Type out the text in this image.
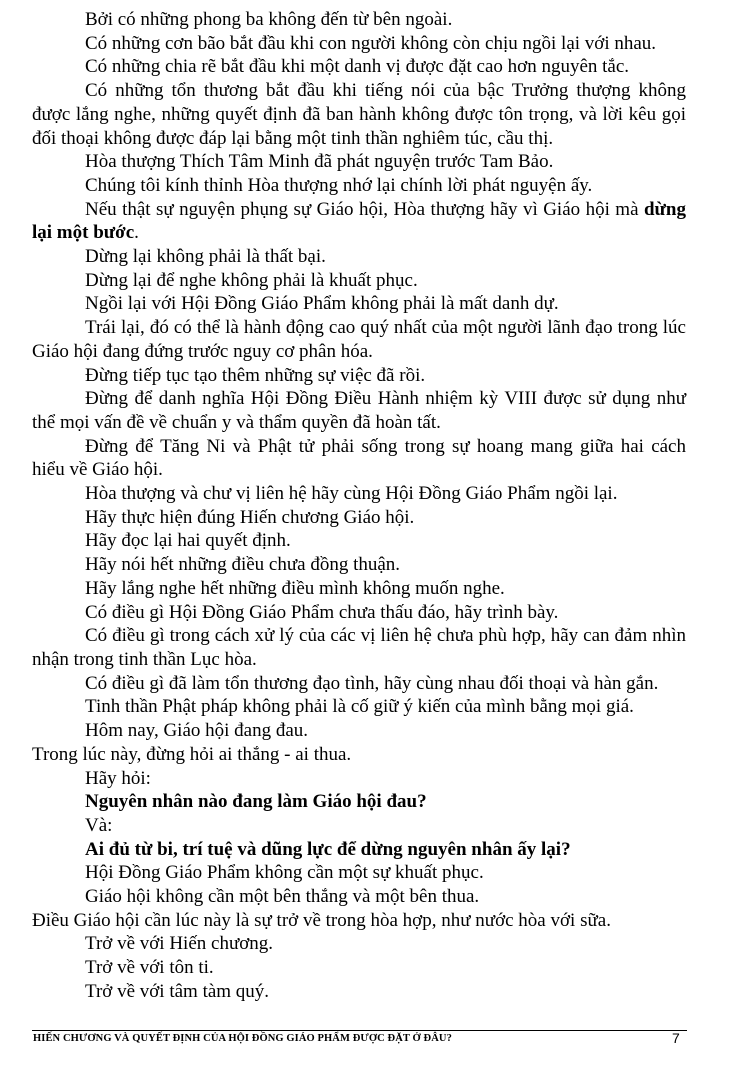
Bởi có những phong ba không đến từ bên ngoài.

Có những cơn bão bắt đầu khi con người không còn chịu ngồi lại với nhau.

Có những chia rẽ bắt đầu khi một danh vị được đặt cao hơn nguyên tắc.

Có những tổn thương bắt đầu khi tiếng nói của bậc Trưởng thượng không được lắng nghe, những quyết định đã ban hành không được tôn trọng, và lời kêu gọi đối thoại không được đáp lại bằng một tinh thần nghiêm túc, cầu thị.

Hòa thượng Thích Tâm Minh đã phát nguyện trước Tam Bảo.

Chúng tôi kính thỉnh Hòa thượng nhớ lại chính lời phát nguyện ấy.

Nếu thật sự nguyện phụng sự Giáo hội, Hòa thượng hãy vì Giáo hội mà dừng lại một bước.

Dừng lại không phải là thất bại.

Dừng lại để nghe không phải là khuất phục.

Ngồi lại với Hội Đồng Giáo Phẩm không phải là mất danh dự.

Trái lại, đó có thể là hành động cao quý nhất của một người lãnh đạo trong lúc Giáo hội đang đứng trước nguy cơ phân hóa.

Đừng tiếp tục tạo thêm những sự việc đã rồi.

Đừng để danh nghĩa Hội Đồng Điều Hành nhiệm kỳ VIII được sử dụng như thể mọi vấn đề về chuẩn y và thẩm quyền đã hoàn tất.

Đừng để Tăng Ni và Phật tử phải sống trong sự hoang mang giữa hai cách hiểu về Giáo hội.

Hòa thượng và chư vị liên hệ hãy cùng Hội Đồng Giáo Phẩm ngồi lại.

Hãy thực hiện đúng Hiến chương Giáo hội.

Hãy đọc lại hai quyết định.

Hãy nói hết những điều chưa đồng thuận.

Hãy lắng nghe hết những điều mình không muốn nghe.

Có điều gì Hội Đồng Giáo Phẩm chưa thấu đáo, hãy trình bày.

Có điều gì trong cách xử lý của các vị liên hệ chưa phù hợp, hãy can đảm nhìn nhận trong tinh thần Lục hòa.

Có điều gì đã làm tổn thương đạo tình, hãy cùng nhau đối thoại và hàn gắn.

Tinh thần Phật pháp không phải là cố giữ ý kiến của mình bằng mọi giá.

Hôm nay, Giáo hội đang đau.

Trong lúc này, đừng hỏi ai thắng - ai thua.

Hãy hỏi:

Nguyên nhân nào đang làm Giáo hội đau?

Và:

Ai đủ từ bi, trí tuệ và dũng lực để dừng nguyên nhân ấy lại?

Hội Đồng Giáo Phẩm không cần một sự khuất phục.

Giáo hội không cần một bên thắng và một bên thua.

Điều Giáo hội cần lúc này là sự trở về trong hòa hợp, như nước hòa với sữa.

Trở về với Hiến chương.

Trở về với tôn ti.

Trở về với tâm tàm quý.

HIẾN CHƯƠNG VÀ QUYẾT ĐỊNH CỦA HỘI ĐỒNG GIÁO PHẨM ĐƯỢC ĐẶT Ở ĐÂU?	7
